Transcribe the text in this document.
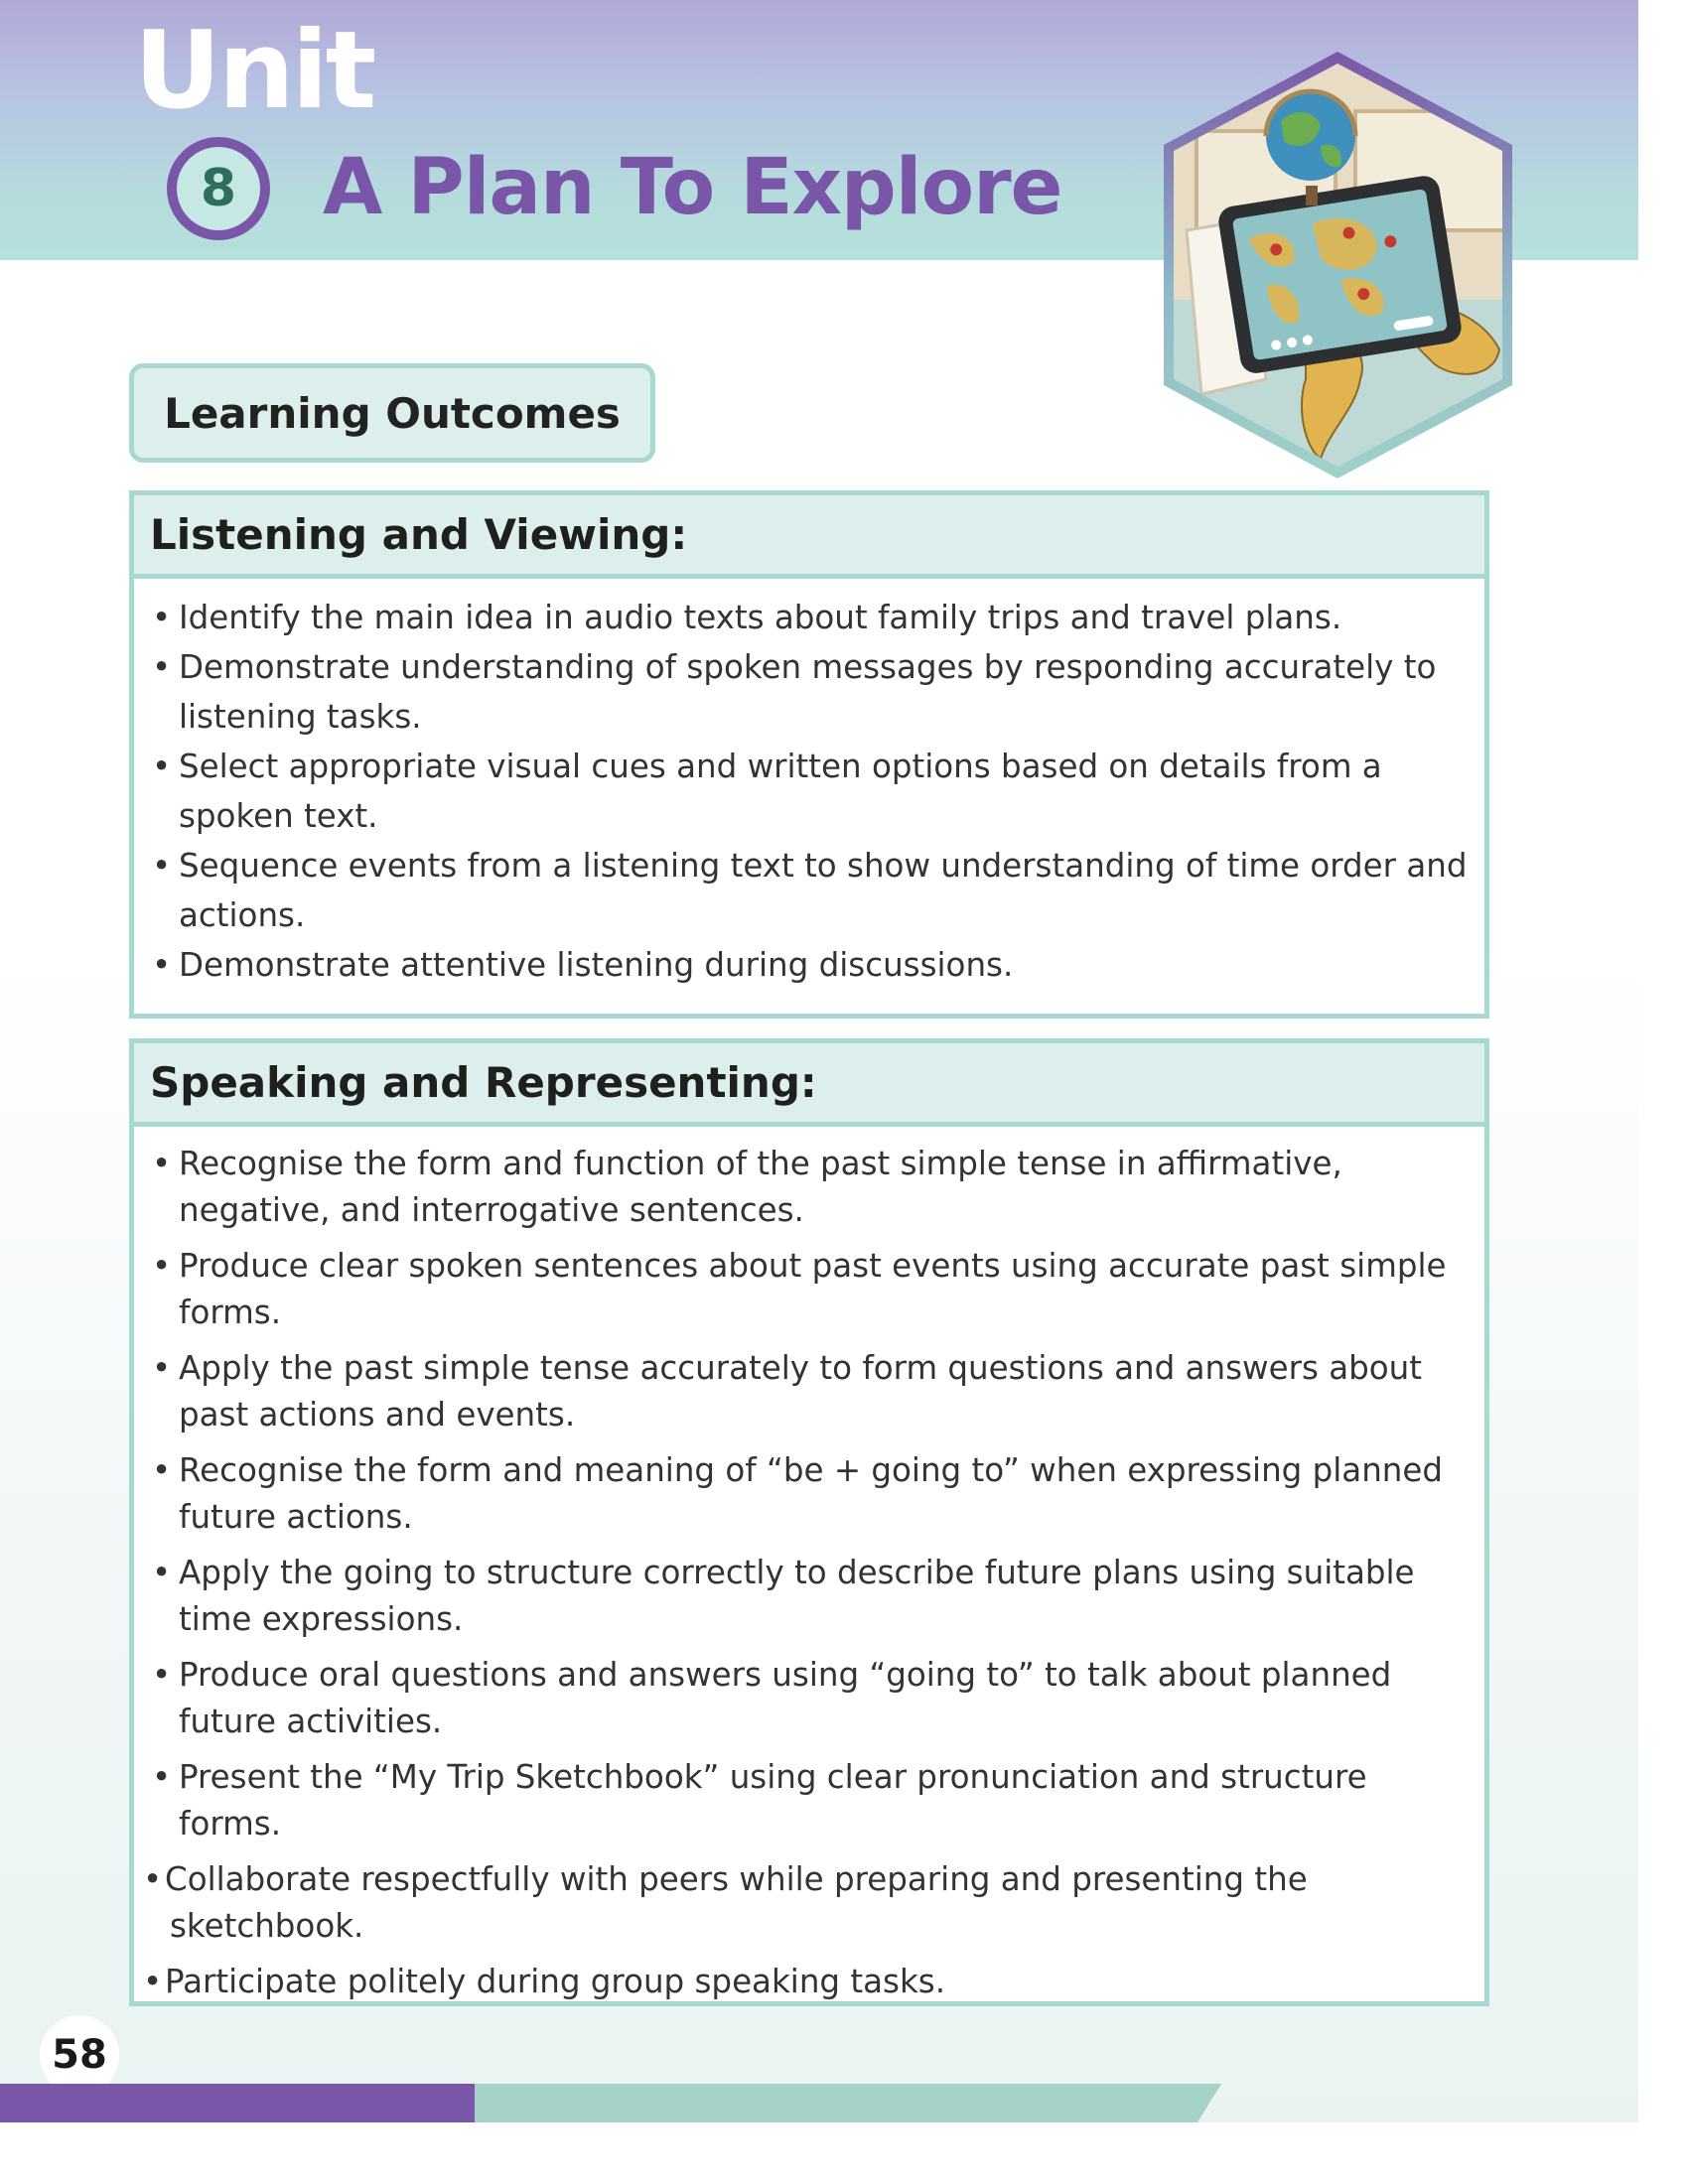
Unit
8	A Plan To Explore
Learning Outcomes
Listening and Viewing:
• Identify the main idea in audio texts about family trips and travel plans.
• Demonstrate understanding of spoken messages by responding accurately to listening tasks.
• Select appropriate visual cues and written options based on details from a spoken text.
• Sequence events from a listening text to show understanding of time order and actions.
• Demonstrate attentive listening during discussions.
Speaking and Representing:
• Recognise the form and function of the past simple tense in affirmative, negative, and interrogative sentences.
• Produce clear spoken sentences about past events using accurate past simple forms.
• Apply the past simple tense accurately to form questions and answers about past actions and events.
• Recognise the form and meaning of “be + going to” when expressing planned future actions.
• Apply the going to structure correctly to describe future plans using suitable time expressions.
• Produce oral questions and answers using “going to” to talk about planned future activities.
• Present the “My Trip Sketchbook” using clear pronunciation and structure forms.
• Collaborate respectfully with peers while preparing and presenting the sketchbook.
• Participate politely during group speaking tasks.
58
